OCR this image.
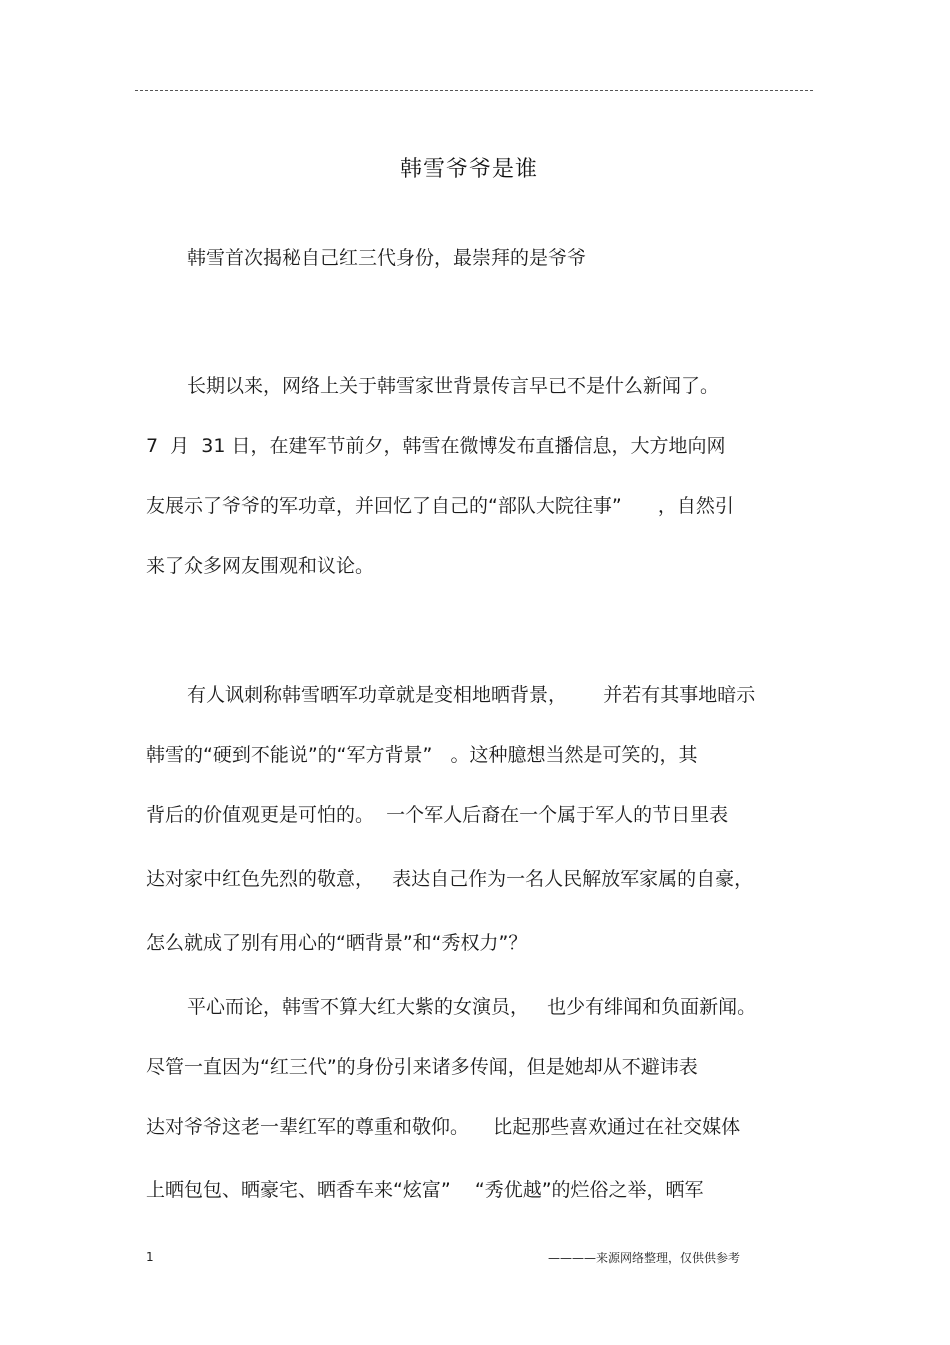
韩雪爷爷是谁
韩雪首次揭秘自己红三代身份，最崇拜的是爷爷
长期以来，网络上关于韩雪家世背景传言早已不是什么新闻了。
7  月  31 日，在建军节前夕，韩雪在微博发布直播信息，大方地向网
友展示了爷爷的军功章，并回忆了自己的“部队大院往事”      ，自然引
来了众多网友围观和议论。
有人讽刺称韩雪晒军功章就是变相地晒背景，      并若有其事地暗示
韩雪的“硬到不能说”的“军方背景”   。这种臆想当然是可笑的，其
背后的价值观更是可怕的。  一个军人后裔在一个属于军人的节日里表
达对家中红色先烈的敬意，   表达自己作为一名人民解放军家属的自豪，
怎么就成了别有用心的“晒背景”和“秀权力”？
平心而论，韩雪不算大红大紫的女演员，   也少有绯闻和负面新闻。
尽管一直因为“红三代”的身份引来诸多传闻，但是她却从不避讳表
达对爷爷这老一辈红军的尊重和敬仰。    比起那些喜欢通过在社交媒体
上晒包包、晒豪宅、晒香车来“炫富”    “秀优越”的烂俗之举，晒军
1	————来源网络整理，仅供供参考
